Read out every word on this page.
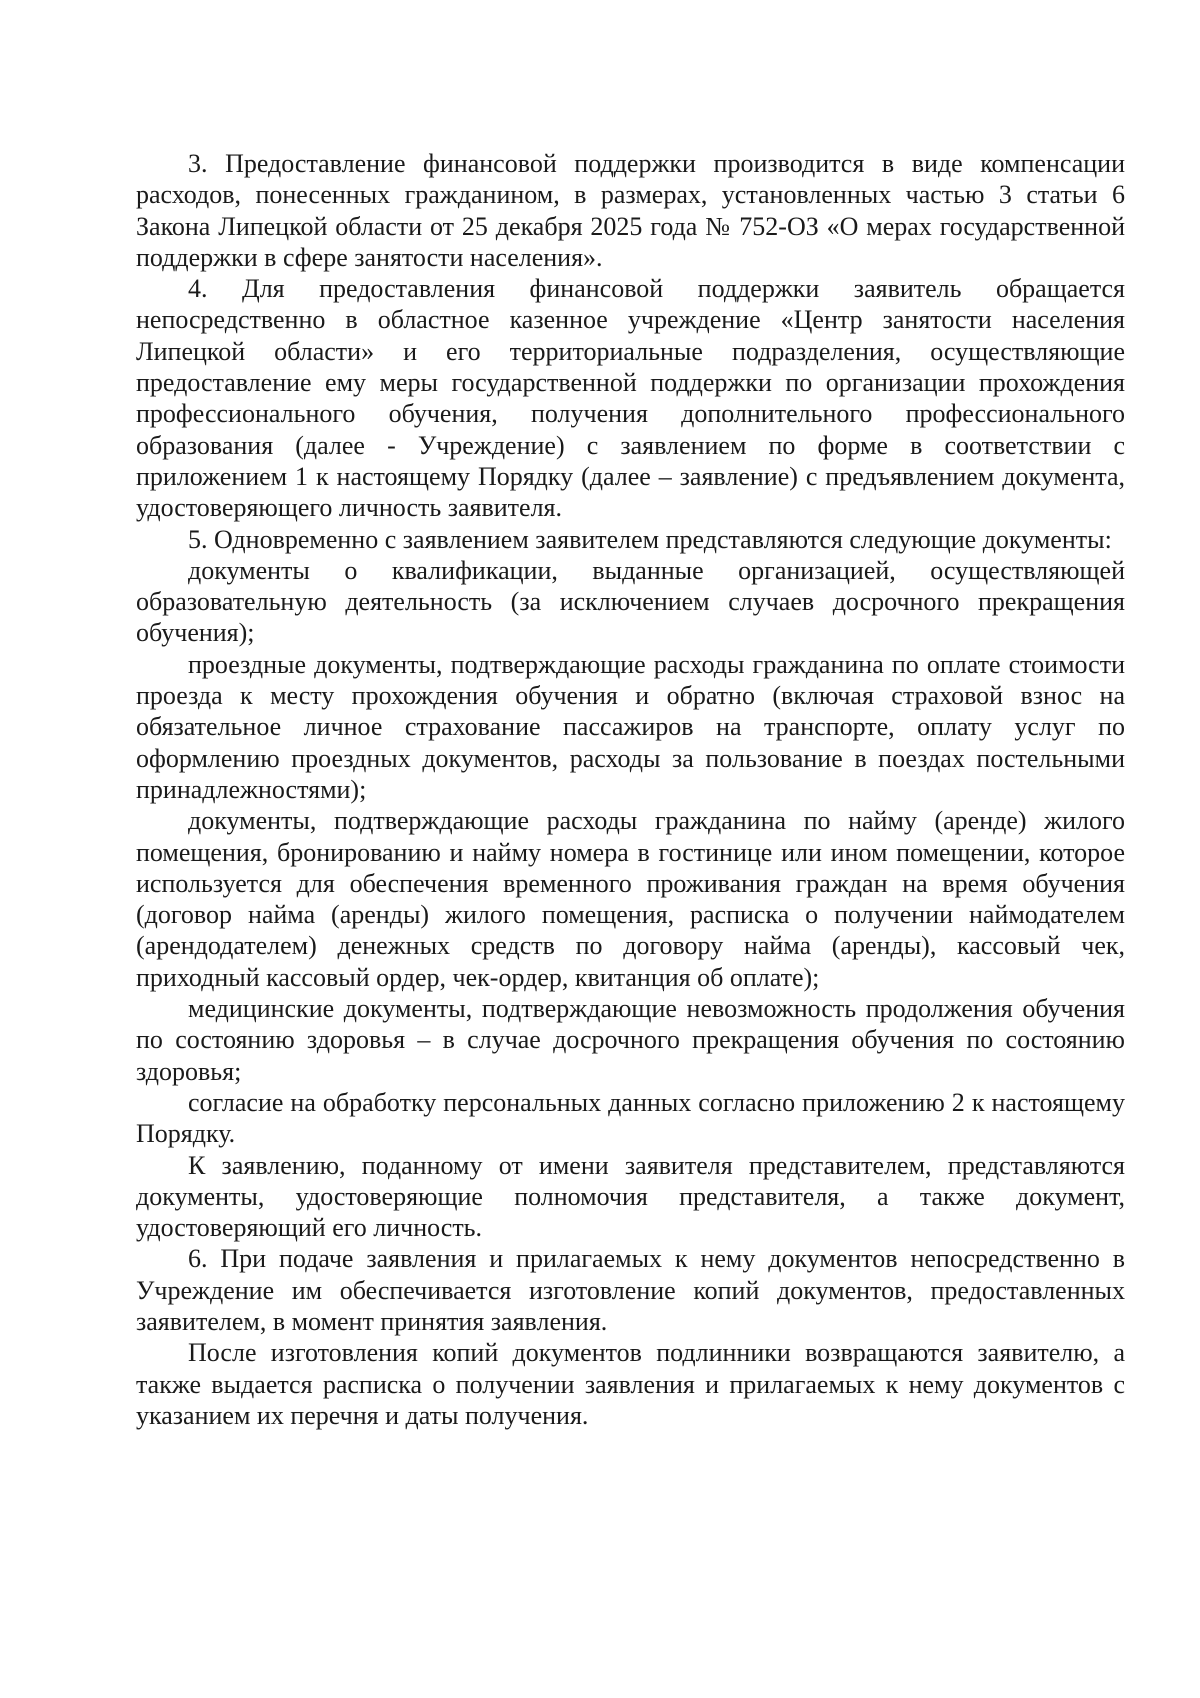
3. Предоставление финансовой поддержки производится в виде компенсации расходов, понесенных гражданином, в размерах, установленных частью 3 статьи 6 Закона Липецкой области от 25 декабря 2025 года № 752-ОЗ «О мерах государственной поддержки в сфере занятости населения».

4. Для предоставления финансовой поддержки заявитель обращается непосредственно в областное казенное учреждение «Центр занятости населения Липецкой области» и его территориальные подразделения, осуществляющие предоставление ему меры государственной поддержки по организации прохождения профессионального обучения, получения дополнительного профессионального образования (далее - Учреждение) с заявлением по форме в соответствии с приложением 1 к настоящему Порядку (далее – заявление) с предъявлением документа, удостоверяющего личность заявителя.

5. Одновременно с заявлением заявителем представляются следующие документы:

документы о квалификации, выданные организацией, осуществляющей образовательную деятельность (за исключением случаев досрочного прекращения обучения);

проездные документы, подтверждающие расходы гражданина по оплате стоимости проезда к месту прохождения обучения и обратно (включая страховой взнос на обязательное личное страхование пассажиров на транспорте, оплату услуг по оформлению проездных документов, расходы за пользование в поездах постельными принадлежностями);

документы, подтверждающие расходы гражданина по найму (аренде) жилого помещения, бронированию и найму номера в гостинице или ином помещении, которое используется для обеспечения временного проживания граждан на время обучения (договор найма (аренды) жилого помещения, расписка о получении наймодателем (арендодателем) денежных средств по договору найма (аренды), кассовый чек, приходный кассовый ордер, чек-ордер, квитанция об оплате);

медицинские документы, подтверждающие невозможность продолжения обучения по состоянию здоровья – в случае досрочного прекращения обучения по состоянию здоровья;

согласие на обработку персональных данных согласно приложению 2 к настоящему Порядку.

К заявлению, поданному от имени заявителя представителем, представляются документы, удостоверяющие полномочия представителя, а также документ, удостоверяющий его личность.

6. При подаче заявления и прилагаемых к нему документов непосредственно в Учреждение им обеспечивается изготовление копий документов, предоставленных заявителем, в момент принятия заявления.

После изготовления копий документов подлинники возвращаются заявителю, а также выдается расписка о получении заявления и прилагаемых к нему документов с указанием их перечня и даты получения.
